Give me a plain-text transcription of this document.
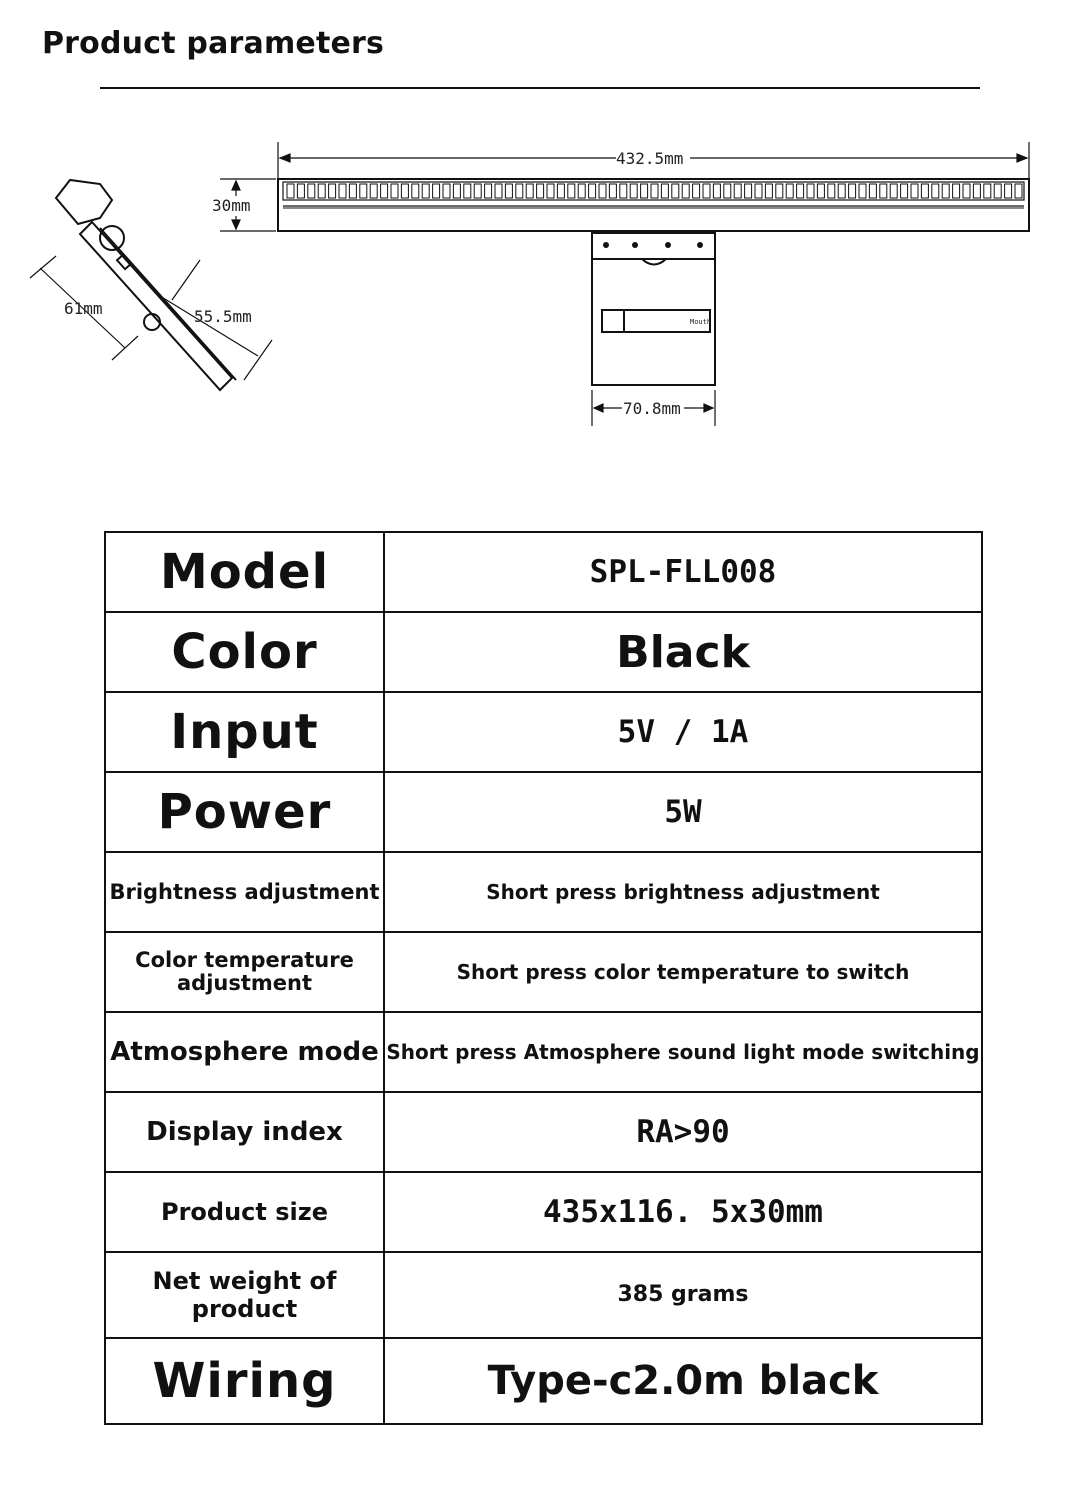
Product parameters
61mm	55.5mm	Mouth
432.5mm
30mm
70.8mm
Model	SPL-FLL008
Color	Black
Input	5V / 1A
Power	5W
Brightness adjustment	Short press brightness adjustment
Color temperature adjustment	Short press color temperature to switch
Atmosphere mode	Short press Atmosphere sound light mode switching
Display index	RA>90
Product size	435x116. 5x30mm
Net weight of product	385 grams
Wiring	Type-c2.0m black
